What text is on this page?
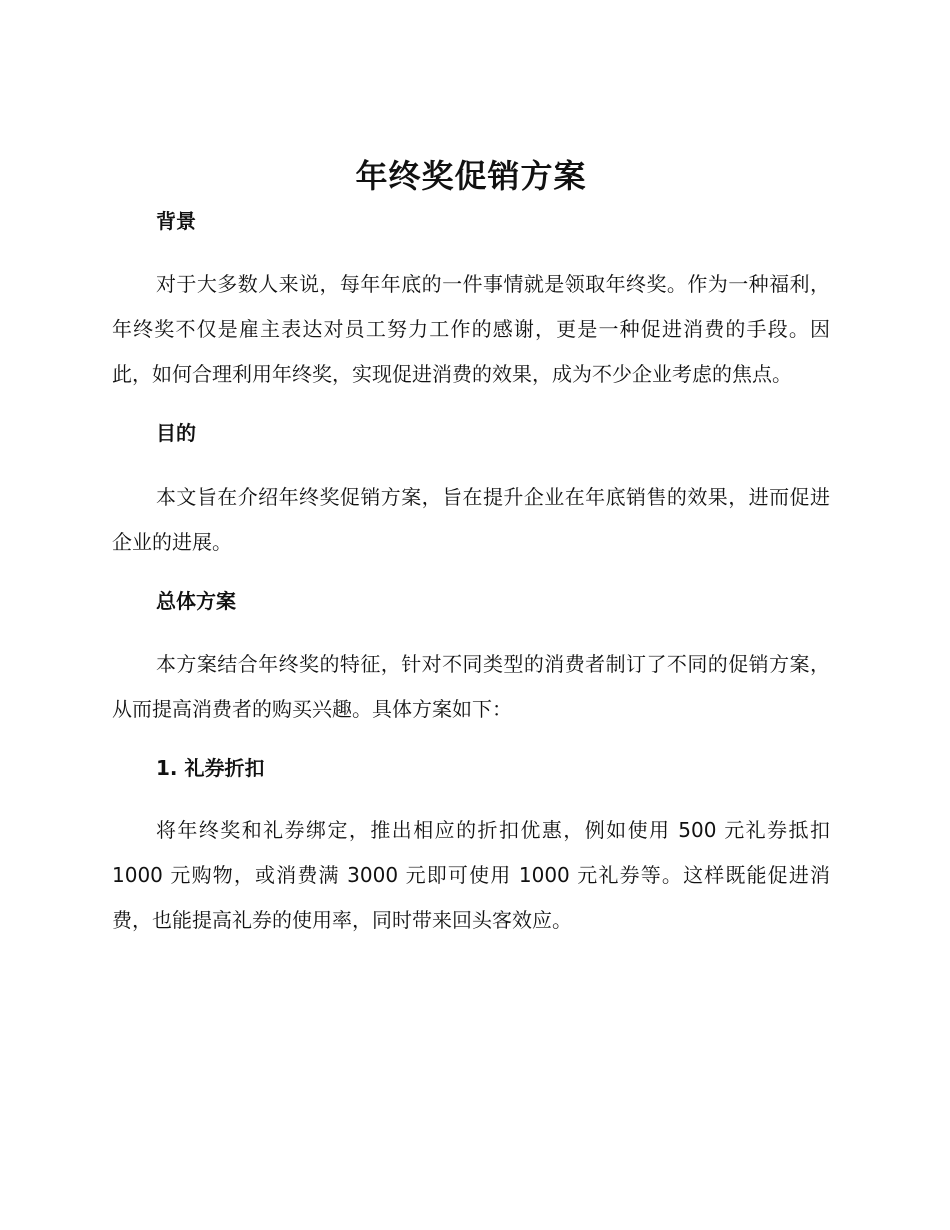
年终奖促销方案
背景

对于大多数人来说，每年年底的一件事情就是领取年终奖。作为一种福利，年终奖不仅是雇主表达对员工努力工作的感谢，更是一种促进消费的手段。因此，如何合理利用年终奖，实现促进消费的效果，成为不少企业考虑的焦点。

目的

本文旨在介绍年终奖促销方案，旨在提升企业在年底销售的效果，进而促进企业的进展。

总体方案

本方案结合年终奖的特征，针对不同类型的消费者制订了不同的促销方案，从而提高消费者的购买兴趣。具体方案如下：

1. 礼券折扣

将年终奖和礼券绑定，推出相应的折扣优惠，例如使用 500 元礼券抵扣 1000 元购物，或消费满 3000 元即可使用 1000 元礼券等。这样既能促进消费，也能提高礼券的使用率，同时带来回头客效应。
